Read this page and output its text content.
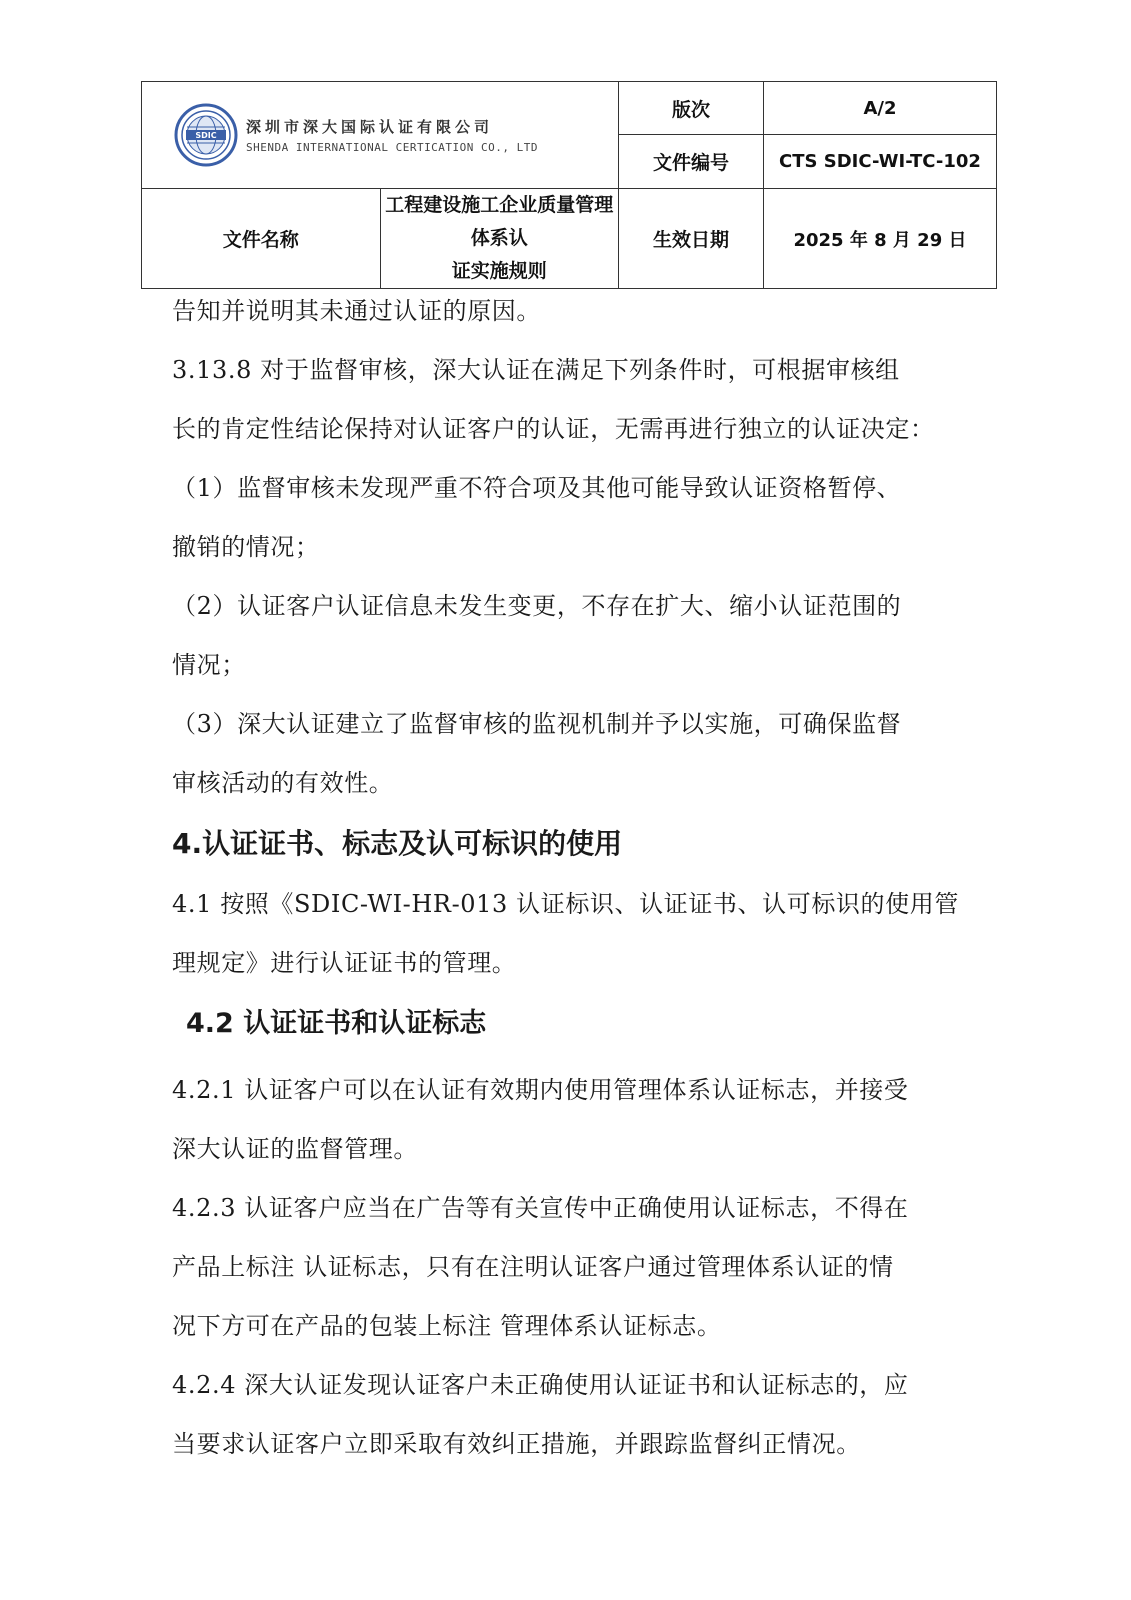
SDIC 深圳市深大国际认证有限公司
SHENDA INTERNATIONAL CERTICATION CO., LTD		版次	A/2
		文件编号	CTS SDIC-WI-TC-102
文件名称	工程建设施工企业质量管理体系认
证实施规则	生效日期	2025 年 8 月 29 日

告知并说明其未通过认证的原因。

3.13.8 对于监督审核，深大认证在满足下列条件时，可根据审核组

长的肯定性结论保持对认证客户的认证，无需再进行独立的认证决定：

（1）监督审核未发现严重不符合项及其他可能导致认证资格暂停、

撤销的情况；

（2）认证客户认证信息未发生变更，不存在扩大、缩小认证范围的

情况；

（3）深大认证建立了监督审核的监视机制并予以实施，可确保监督

审核活动的有效性。

4.认证证书、标志及认可标识的使用

4.1 按照《SDIC-WI-HR-013 认证标识、认证证书、认可标识的使用管

理规定》进行认证证书的管理。

4.2 认证证书和认证标志

4.2.1 认证客户可以在认证有效期内使用管理体系认证标志，并接受

深大认证的监督管理。

4.2.3 认证客户应当在广告等有关宣传中正确使用认证标志，不得在

产品上标注 认证标志，只有在注明认证客户通过管理体系认证的情

况下方可在产品的包装上标注 管理体系认证标志。

4.2.4 深大认证发现认证客户未正确使用认证证书和认证标志的，应

当要求认证客户立即采取有效纠正措施，并跟踪监督纠正情况。
